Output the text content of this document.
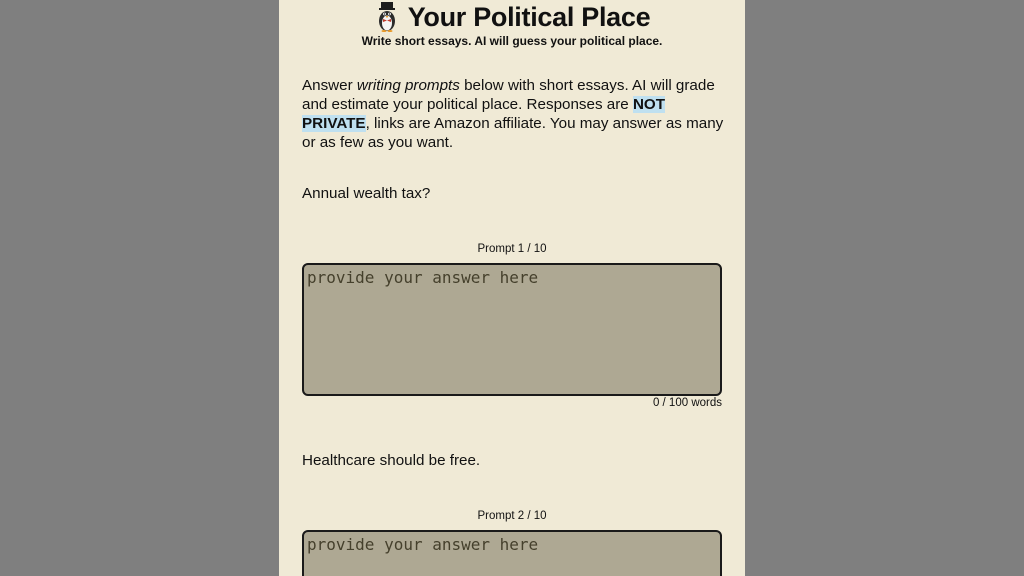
Your Political Place
Write short essays. AI will guess your political place.

Answer writing prompts below with short essays. AI will grade and estimate your political place. Responses are NOT PRIVATE, links are Amazon affiliate. You may answer as many or as few as you want.

Annual wealth tax?
Prompt 1 / 10
provide your answer here
0 / 100 words
Healthcare should be free.
Prompt 2 / 10
provide your answer here
